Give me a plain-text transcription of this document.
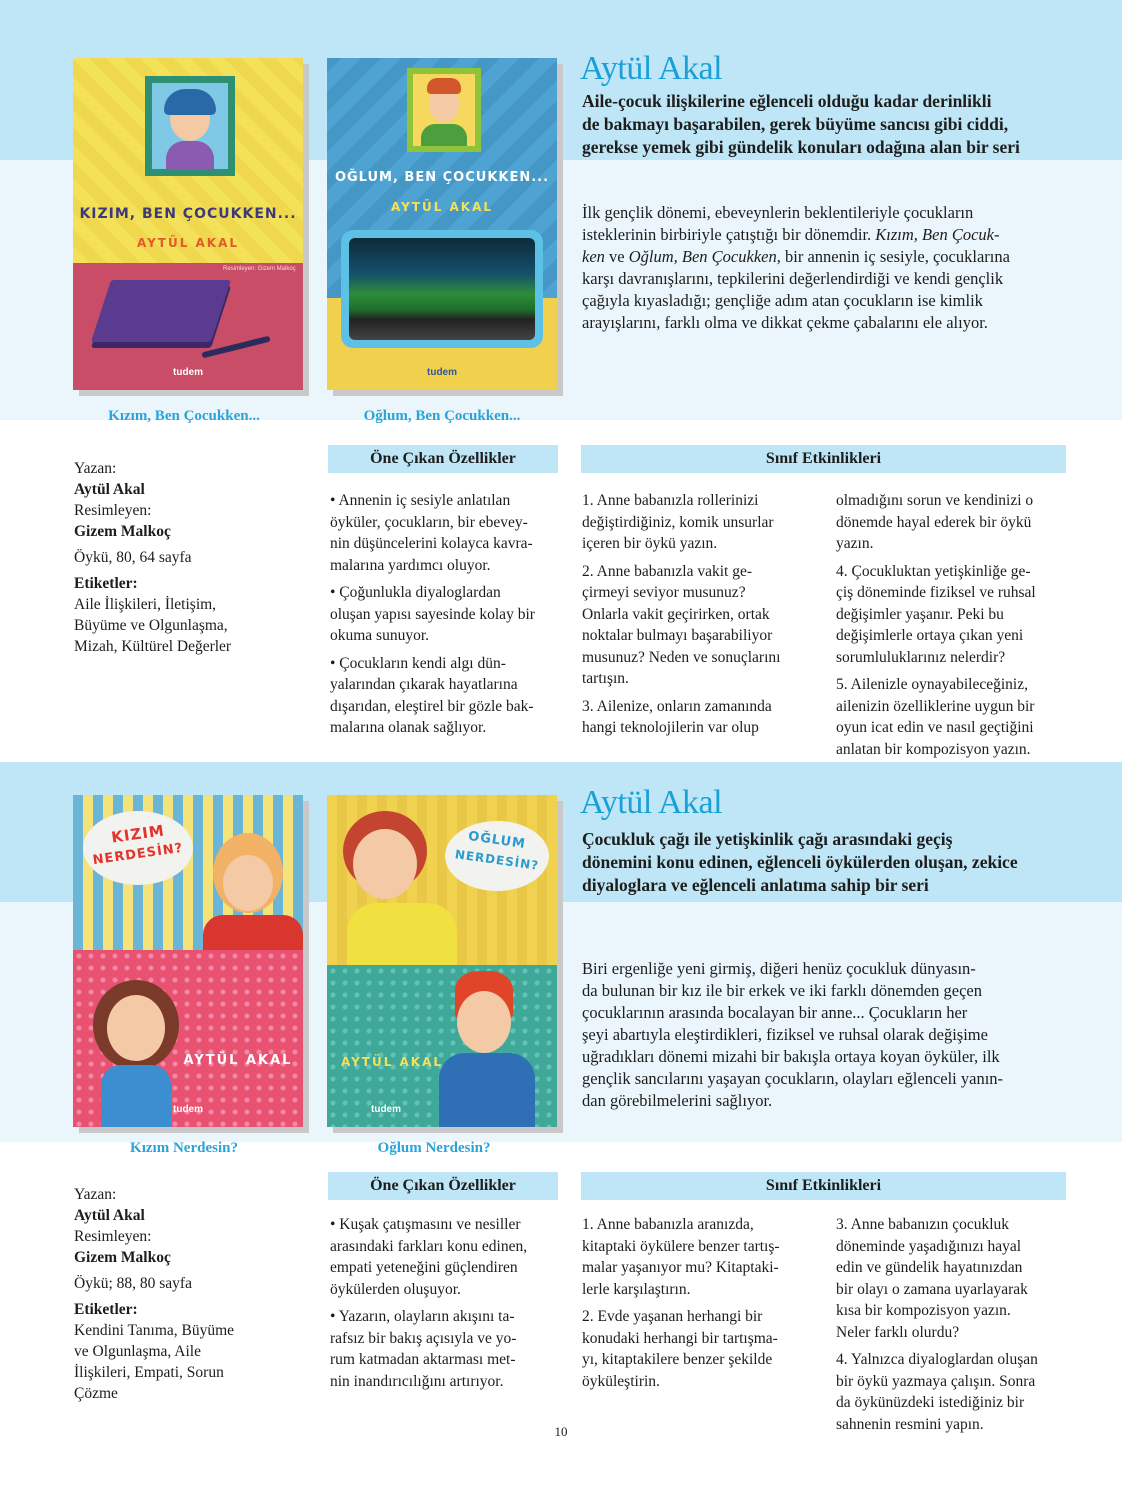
KIZIM, BEN ÇOCUKKEN...
AYTÜL AKAL
Resimleyen: Gizem Malkoç
tudem
OĞLUM, BEN ÇOCUKKEN...
AYTÜL AKAL
tudem
Kızım, Ben Çocukken...	Oğlum, Ben Çocukken...
Aytül Akal
Aile-çocuk ilişkilerine eğlenceli olduğu kadar derinlikli
de bakmayı başarabilen, gerek büyüme sancısı gibi ciddi,
gerekse yemek gibi gündelik konuları odağına alan bir seri
İlk gençlik dönemi, ebeveynlerin beklentileriyle çocukların
isteklerinin birbiriyle çatıştığı bir dönemdir. Kızım, Ben Çocuk-
ken ve Oğlum, Ben Çocukken, bir annenin iç sesiyle, çocuklarına
karşı davranışlarını, tepkilerini değerlendirdiği ve kendi gençlik
çağıyla kıyasladığı; gençliğe adım atan çocukların ise kimlik
arayışlarını, farklı olma ve dikkat çekme çabalarını ele alıyor.
Yazan:
Aytül Akal
Resimleyen:
Gizem Malkoç
Öykü, 80, 64 sayfa
Etiketler:
Aile İlişkileri, İletişim,
Büyüme ve Olgunlaşma,
Mizah, Kültürel Değerler
Öne Çıkan Özellikler

• Annenin iç sesiyle anlatılan
öyküler, çocukların, bir ebevey-
nin düşüncelerini kolayca kavra-
malarına yardımcı oluyor.

• Çoğunlukla diyaloglardan
oluşan yapısı sayesinde kolay bir
okuma sunuyor.

• Çocukların kendi algı dün-
yalarından çıkarak hayatlarına
dışarıdan, eleştirel bir gözle bak-
malarına olanak sağlıyor.

Sınıf Etkinlikleri

1. Anne babanızla rollerinizi
değiştirdiğiniz, komik unsurlar
içeren bir öykü yazın.

2. Anne babanızla vakit ge-
çirmeyi seviyor musunuz?
Onlarla vakit geçirirken, ortak
noktalar bulmayı başarabiliyor
musunuz? Neden ve sonuçlarını
tartışın.

3. Ailenize, onların zamanında
hangi teknolojilerin var olup

olmadığını sorun ve kendinizi o
dönemde hayal ederek bir öykü
yazın.

4. Çocukluktan yetişkinliğe ge-
çiş döneminde fiziksel ve ruhsal
değişimler yaşanır. Peki bu
değişimlerle ortaya çıkan yeni
sorumluluklarınız nelerdir?

5. Ailenizle oynayabileceğiniz,
ailenizin özelliklerine uygun bir
oyun icat edin ve nasıl geçtiğini
anlatan bir kompozisyon yazın.

KIZIM
NERDESİN?
AYTÜL AKAL
tudem
OĞLUM
NERDESİN?
AYTÜL AKAL
tudem
Kızım Nerdesin?	Oğlum Nerdesin?
Aytül Akal
Çocukluk çağı ile yetişkinlik çağı arasındaki geçiş
dönemini konu edinen, eğlenceli öykülerden oluşan, zekice
diyaloglara ve eğlenceli anlatıma sahip bir seri
Biri ergenliğe yeni girmiş, diğeri henüz çocukluk dünyasın-
da bulunan bir kız ile bir erkek ve iki farklı dönemden geçen
çocuklarının arasında bocalayan bir anne... Çocukların her
şeyi abartıyla eleştirdikleri, fiziksel ve ruhsal olarak değişime
uğradıkları dönemi mizahi bir bakışla ortaya koyan öyküler, ilk
gençlik sancılarını yaşayan çocukların, olayları eğlenceli yanın-
dan görebilmelerini sağlıyor.
Yazan:
Aytül Akal
Resimleyen:
Gizem Malkoç
Öykü; 88, 80 sayfa
Etiketler:
Kendini Tanıma, Büyüme
ve Olgunlaşma, Aile
İlişkileri, Empati, Sorun
Çözme
Öne Çıkan Özellikler

• Kuşak çatışmasını ve nesiller
arasındaki farkları konu edinen,
empati yeteneğini güçlendiren
öykülerden oluşuyor.

• Yazarın, olayların akışını ta-
rafsız bir bakış açısıyla ve yo-
rum katmadan aktarması met-
nin inandırıcılığını artırıyor.

Sınıf Etkinlikleri

1. Anne babanızla aranızda,
kitaptaki öykülere benzer tartış-
malar yaşanıyor mu? Kitaptaki-
lerle karşılaştırın.

2. Evde yaşanan herhangi bir
konudaki herhangi bir tartışma-
yı, kitaptakilere benzer şekilde
öyküleştirin.

3. Anne babanızın çocukluk
döneminde yaşadığınızı hayal
edin ve gündelik hayatınızdan
bir olayı o zamana uyarlayarak
kısa bir kompozisyon yazın.
Neler farklı olurdu?

4. Yalnızca diyaloglardan oluşan
bir öykü yazmaya çalışın. Sonra
da öykünüzdeki istediğiniz bir
sahnenin resmini yapın.

10
